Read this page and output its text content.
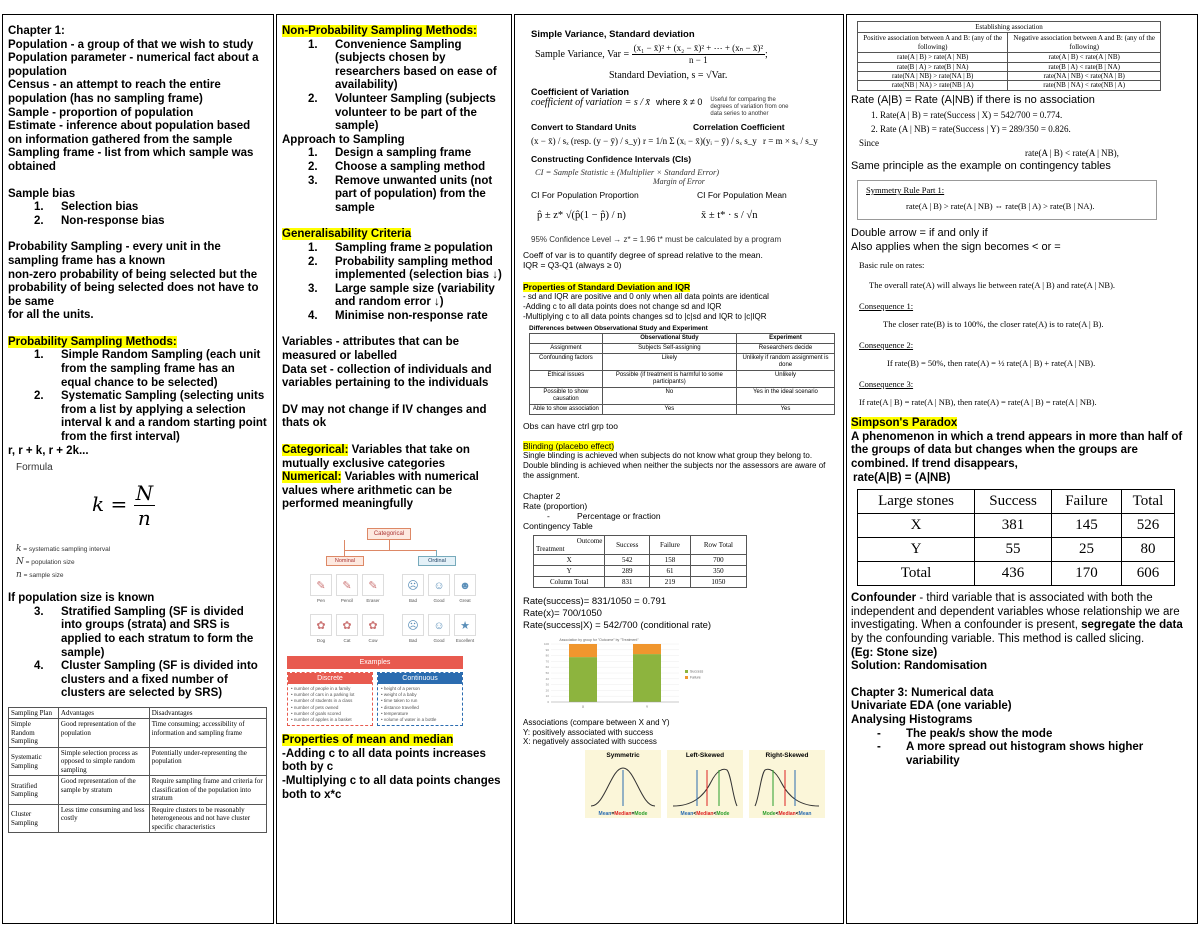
Chapter 1:
Population - a group of that we wish to study
Population parameter - numerical fact about a population
Census - an attempt to reach the entire population (has no sampling frame)
Sample - proportion of population
Estimate - inference about population based on information gathered from the sample
Sampling frame - list from which sample was obtained
Sample bias
1. Selection bias
2. Non-response bias
Probability Sampling - every unit in the sampling frame has a known
non-zero probability of being selected but the probability of being selected does not have to be same
for all the units.
Probability Sampling Methods:
1. Simple Random Sampling (each unit from the sampling frame has an equal chance to be selected)
2. Systematic Sampling (selecting units from a list by applying a selection interval k and a random starting point from the first interval)
r, r + k, r + 2k...
Formula
$k = \frac{N}{n}$
k = systematic sampling interval
N = population size
n = sample size
If population size is known
3. Stratified Sampling (SF is divided into groups (strata) and SRS is applied to each stratum to form the sample)
4. Cluster Sampling (SF is divided into clusters and a fixed number of clusters are selected by SRS)
Sampling Plan	Advantages	Disadvantages
Simple Random Sampling	Good representation of the population	Time consuming; accessibility of information and sampling frame
Systematic Sampling	Simple selection process as opposed to simple random sampling	Potentially under-representing the population
Stratified Sampling	Good representation of the sample by stratum	Require sampling frame and criteria for classification of the population into stratum
Cluster Sampling	Less time consuming and less costly	Require clusters to be reasonably heterogeneous and not have cluster specific characteristics
Non-Probability Sampling Methods:
1. Convenience Sampling (subjects chosen by researchers based on ease of availability)
2. Volunteer Sampling (subjects volunteer to be part of the sample)
Approach to Sampling
1. Design a sampling frame
2. Choose a sampling method
3. Remove unwanted units (not part of population) from the sample
Generalisability Criteria
1. Sampling frame ≥ population
2. Probability sampling method implemented (selection bias ↓)
3. Large sample size (variability and random error ↓)
4. Minimise non-response rate
Variables - attributes that can be measured or labelled
Data set - collection of individuals and variables pertaining to the individuals
DV may not change if IV changes and thats ok
Categorical: Variables that take on mutually exclusive categories
Numerical: Variables with numerical values where arithmetic can be performed meaningfully
Categorical
Nominal	Ordinal
✎
Pen
✎
Pencil
✎
Eraser
✿
Dog
✿
Cat
✿
Cow
☹
Bad
☺
Good
☻
Great
☹
Bad
☺
Good
★
Excellent
Examples
Discrete
• number of people in a family
• number of cars in a parking lot
• number of students in a class
• number of pets owned
• number of goals scored
• number of apples in a basket
Continuous
• height of a person
• weight of a baby
• time taken to run
• distance travelled
• temperature
• volume of water in a bottle
Properties of mean and median
-Adding c to all data points increases both by c
-Multiplying c to all data points changes both to x*c
Simple Variance, Standard deviation
Sample Variance, Var =
$\frac{\text{(x₁ − x̄)² + (x₂ − x̄)² + ⋯ + (xₙ − x̄)²}}{n - 1}$ ;
Standard Deviation, s = √Var.
Coefficient of Variation
coefficient of variation = s / x̄ where x̄ ≠ 0 Useful for comparing the degrees of variation from one data series to another
Convert to Standard Units	Correlation Coefficient
(x − x̄) / sₓ (resp. (y − ȳ) / s_y) r = 1/n Σ (xᵢ − x̄)(yᵢ − ȳ) / sₓ s_y r = m × sₓ / s_y
Constructing Confidence Intervals (CIs)
CI = Sample Statistic ± (Multiplier × Standard Error)
Margin of Error
CI For Population Proportion	CI For Population Mean
p̂ ± z* √(p̂(1 − p̂) / n)	x̄ ± t* · s / √n
95% Confidence Level → z* = 1.96 t* must be calculated by a program
Coeff of var is to quantify degree of spread relative to the mean.
IQR = Q3-Q1 (always ≥ 0)
Properties of Standard Deviation and IQR
- sd and IQR are positive and 0 only when all data points are identical
-Adding c to all data points does not change sd and IQR
-Multiplying c to all data points changes sd to |c|sd and IQR to |c|IQR
Differences between Observational Study and Experiment
	Observational Study	Experiment
Assignment	Subjects Self-assigning	Researchers decide
Confounding factors	Likely	Unlikely if random assignment is done
Ethical issues	Possible (if treatment is harmful to some participants)	Unlikely
Possible to show causation	No	Yes in the ideal scenario
Able to show association	Yes	Yes
Obs can have ctrl grp too
Blinding (placebo effect)
Single blinding is achieved when subjects do not know what group they belong to.
Double blinding is achieved when neither the subjects nor the assessors are aware of the assignment.
Chapter 2
Rate (proportion)
-	Percentage or fraction
Contingency Table
Outcome
Treatment	Success	Failure	Row Total
X	542	158	700
Y	289	61	350
Column Total	831	219	1050
Rate(success)= 831/1050 = 0.791
Rate(x)= 700/1050
Rate(success|X) = 542/700 (conditional rate)
Association by group for "Outcome" by "Treatment"
0
10
20
30
40
50
60
70
80
90
100
X	Y
Success
Failure
Associations (compare between X and Y)
Y: positively associated with success
X: negatively associated with success
Symmetric
Mean=Median=Mode
Left-Skewed
Mean<Median<Mode
Right-Skewed
Mode<Median<Mean
Establishing association	
Positive association between A and B: (any of the following)	Negative association between A and B: (any of the following)
rate(A | B) > rate(A | NB)	rate(A | B) < rate(A | NB)
rate(B | A) > rate(B | NA)	rate(B | A) < rate(B | NA)
rate(NA | NB) > rate(NA | B)	rate(NA | NB) < rate(NA | B)
rate(NB | NA) > rate(NB | A)	rate(NB | NA) < rate(NB | A)
Rate (A|B) = Rate (A|NB) if there is no association
1. Rate(A | B) = rate(Success | X) = 542/700 = 0.774.
2. Rate (A | NB) = rate(Success | Y) = 289/350 = 0.826.
Since
rate(A | B) < rate(A | NB),
Same principle as the example on contingency tables
Symmetry Rule Part 1:
rate(A | B) > rate(A | NB) ⇔ rate(B | A) > rate(B | NA).
Double arrow = if and only if
Also applies when the sign becomes < or =
Basic rule on rates:
The overall rate(A) will always lie between rate(A | B) and rate(A | NB).
Consequence 1:
The closer rate(B) is to 100%, the closer rate(A) is to rate(A | B).
Consequence 2:
If rate(B) = 50%, then rate(A) = ½ rate(A | B) + rate(A | NB).
Consequence 3:
If rate(A | B) = rate(A | NB), then rate(A) = rate(A | B) = rate(A | NB).
Simpson's Paradox
A phenomenon in which a trend appears in more than half of the groups of data but changes when the groups are combined. If trend disappears,
rate(A|B) = (A|NB)
Large stones	Success	Failure	Total
X	381	145	526
Y	55	25	80
Total	436	170	606
Confounder - third variable that is associated with both the independent and dependent variables whose relationship we are investigating. When a confounder is present, segregate the data by the confounding variable. This method is called slicing.
(Eg: Stone size)
Solution: Randomisation
Chapter 3: Numerical data
Univariate EDA (one variable)
Analysing Histograms
- The peak/s show the mode
- A more spread out histogram shows higher variability
